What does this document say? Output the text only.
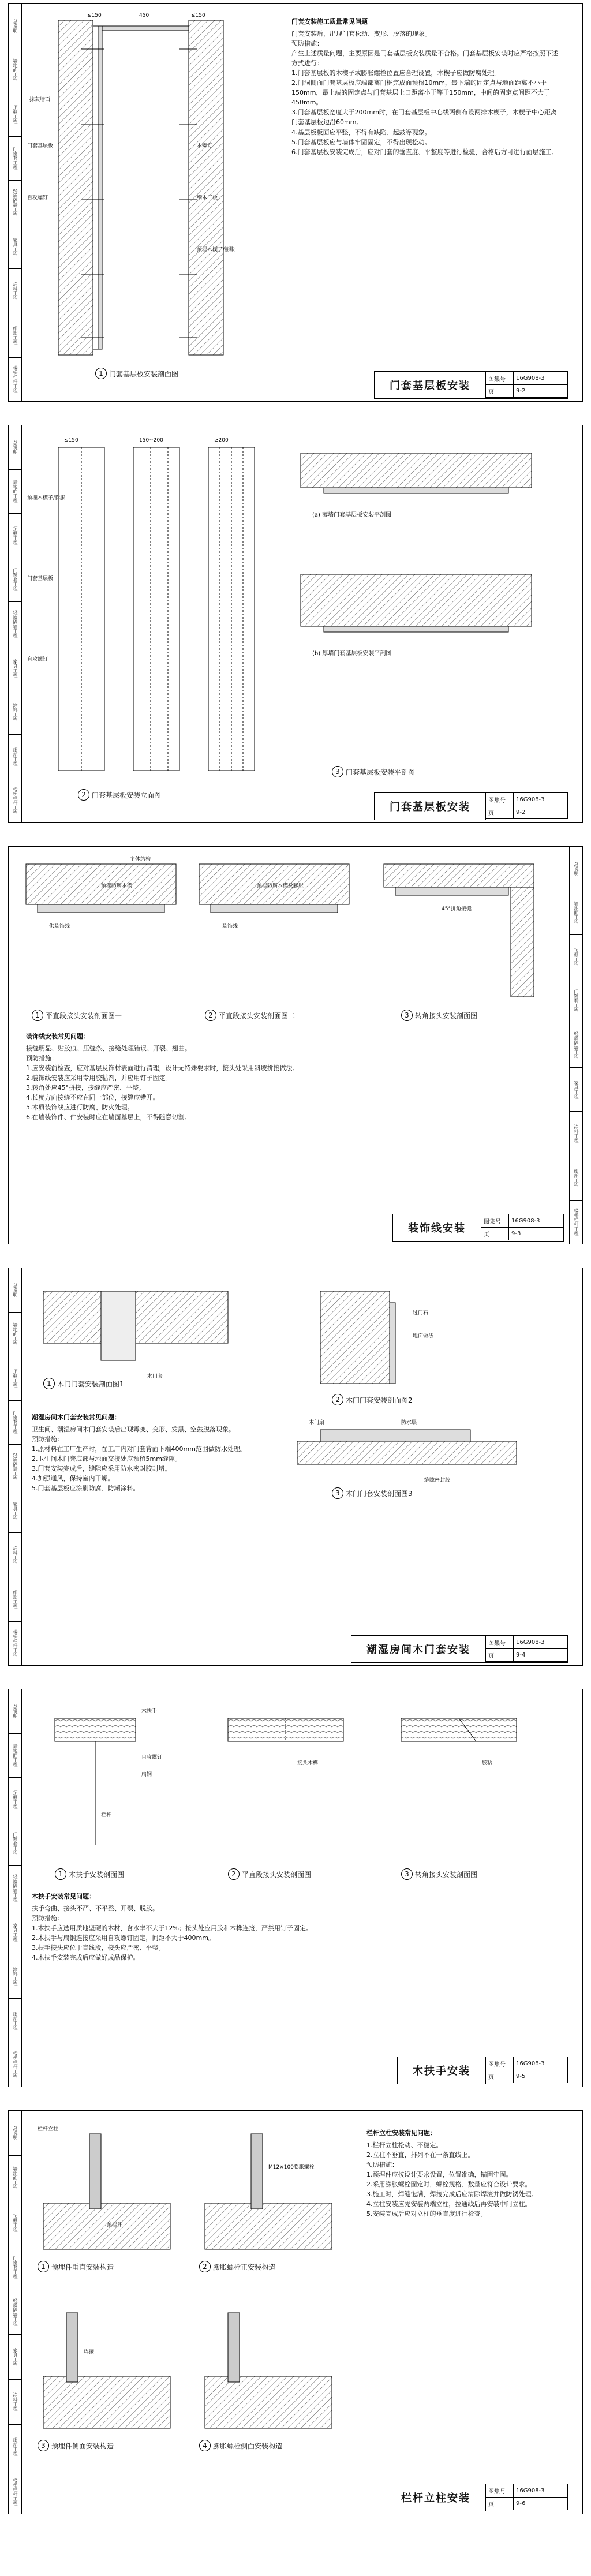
总说明
墙地面工程
顶棚工程
门窗套工程
轻质隔墙工程
家具工程
涂料工程
细部工程
楼梯栏杆工程
≤150	450	≤150
抹灰墙面
门套基层板
自攻螺钉
木螺钉
细木工板
预埋木楔子/膨胀
1 门套基层板安装剖面图
门套安装施工质量常见问题

门套安装后，出现门套松动、变形、脱落的现象。

预防措施：

产生上述质量问题，主要原因是门套基层板安装质量不合格。门套基层板安装时应严格按照下述方式进行：

1.门套基层板的木楔子或膨胀螺栓位置应合理设置，木楔子应做防腐处理。

2.门洞侧面门套基层板应端部离门框完成面预留10mm，最下端的固定点与地面距离不小于150mm，最上端的固定点与门套基层上口距离小于等于150mm，中间的固定点间距不大于450mm。

3.门套基层板宽度大于200mm时，在门套基层板中心线两侧布设两排木楔子，木楔子中心距离门套基层板边沿60mm。

4.基层板板面应平整，不得有缺陷、起鼓等现象。

5.门套基层板应与墙体牢固固定，不得出现松动。

6.门套基层板安装完成后，应对门套的垂直度、平整度等进行检验，合格后方可进行面层施工。

门套基层板安装
图集号	16G908-3
页	9-2
总说明
墙地面工程
顶棚工程
门窗套工程
轻质隔墙工程
家具工程
涂料工程
细部工程
楼梯栏杆工程
≤150	150~200	≥200
预埋木楔子/膨胀
门套基层板
自攻螺钉
(a) 薄墙门套基层板安装平剖图
(b) 厚墙门套基层板安装平剖图
2 门套基层板安装立面图
3 门套基层板安装平剖图
门套基层板安装
图集号	16G908-3
页	9-2
总说明
墙地面工程
顶棚工程
门窗套工程
轻质隔墙工程
家具工程
涂料工程
细部工程
楼梯栏杆工程
主体结构
预埋防腐木楔	预埋防腐木楔及膨胀
供装饰线	装饰线
45°拼角接缝
1 平直段接头安装剖面图一	2 平直段接头安装剖面图二	3 转角接头安装剖面图
装饰线安装常见问题：

接缝明显、贴胶痕、压缝条、接缝处理错误、开裂、翘曲。

预防措施：

1.应安装前检查，应对基层及饰材表面进行清理，设计无特殊要求时，接头处采用斜坡拼接做法。

2.装饰线安装应采用专用胶粘剂，并应用钉子固定。

3.转角处应45°拼接，接缝应严密、平整。

4.长度方向接缝不应在同一部位，接缝应错开。

5.木质装饰线应进行防腐、防火处理。

6.在墙装饰件、件安装时应在墙面基层上，不得随意切割。

装饰线安装
图集号	16G908-3
页	9-3
总说明
墙地面工程
顶棚工程
门窗套工程
轻质隔墙工程
家具工程
涂料工程
细部工程
楼梯栏杆工程
木门套
过门石
地面做法
木门扇	防水层
缝隙密封胶
1 木门门套安装剖面图1
2 木门门套安装剖面图2
3 木门门套安装剖面图3
潮湿房间木门套安装常见问题：

卫生间、潮湿房间木门套安装后出现霉变、变形、发黑、空鼓脱落现象。

预防措施：

1.原材料在工厂生产时，在工厂内对门套背面下端400mm范围做防水处理。

2.卫生间木门套底部与地面交接处应预留5mm缝隙。

3.门套安装完成后，缝隙应采用防水密封胶封堵。

4.加强通风，保持室内干燥。

5.门套基层板应涂刷防腐、防潮涂料。

潮湿房间木门套安装
图集号	16G908-3
页	9-4
总说明
墙地面工程
顶棚工程
门窗套工程
轻质隔墙工程
家具工程
涂料工程
细部工程
楼梯栏杆工程
木扶手
自攻螺钉
扁钢
栏杆
接头木榫	胶粘
1 木扶手安装剖面图	2 平直段接头安装剖面图	3 转角接头安装剖面图
木扶手安装常见问题：

扶手弯曲、接头不严、不平整、开裂、脱胶。

预防措施：

1.木扶手应选用质地坚硬的木材，含水率不大于12%；接头处应用胶和木榫连接，严禁用钉子固定。

2.木扶手与扁钢连接应采用自攻螺钉固定，间距不大于400mm。

3.扶手接头应位于直线段，接头应严密、平整。

4.木扶手安装完成后应做好成品保护。

木扶手安装
图集号	16G908-3
页	9-5
总说明
墙地面工程
顶棚工程
门窗套工程
轻质隔墙工程
家具工程
涂料工程
细部工程
楼梯栏杆工程
栏杆立柱
M12×100膨胀螺栓
焊接
预埋件
1 预埋件垂直安装构造	2 膨胀螺栓正安装构造
3 预埋件侧面安装构造	4 膨胀螺栓侧面安装构造
栏杆立柱安装常见问题：

1.栏杆立柱松动、不稳定。

2.立柱不垂直，排列不在一条直线上。

预防措施：

1.预埋件应按设计要求设置，位置准确，锚固牢固。

2.采用膨胀螺栓固定时，螺栓规格、数量应符合设计要求。

3.施工时，焊缝饱满，焊接完成后应清除焊渣并做防锈处理。

4.立柱安装应先安装两端立柱，拉通线后再安装中间立柱。

5.安装完成后应对立柱的垂直度进行检查。

栏杆立柱安装
图集号	16G908-3
页	9-6
